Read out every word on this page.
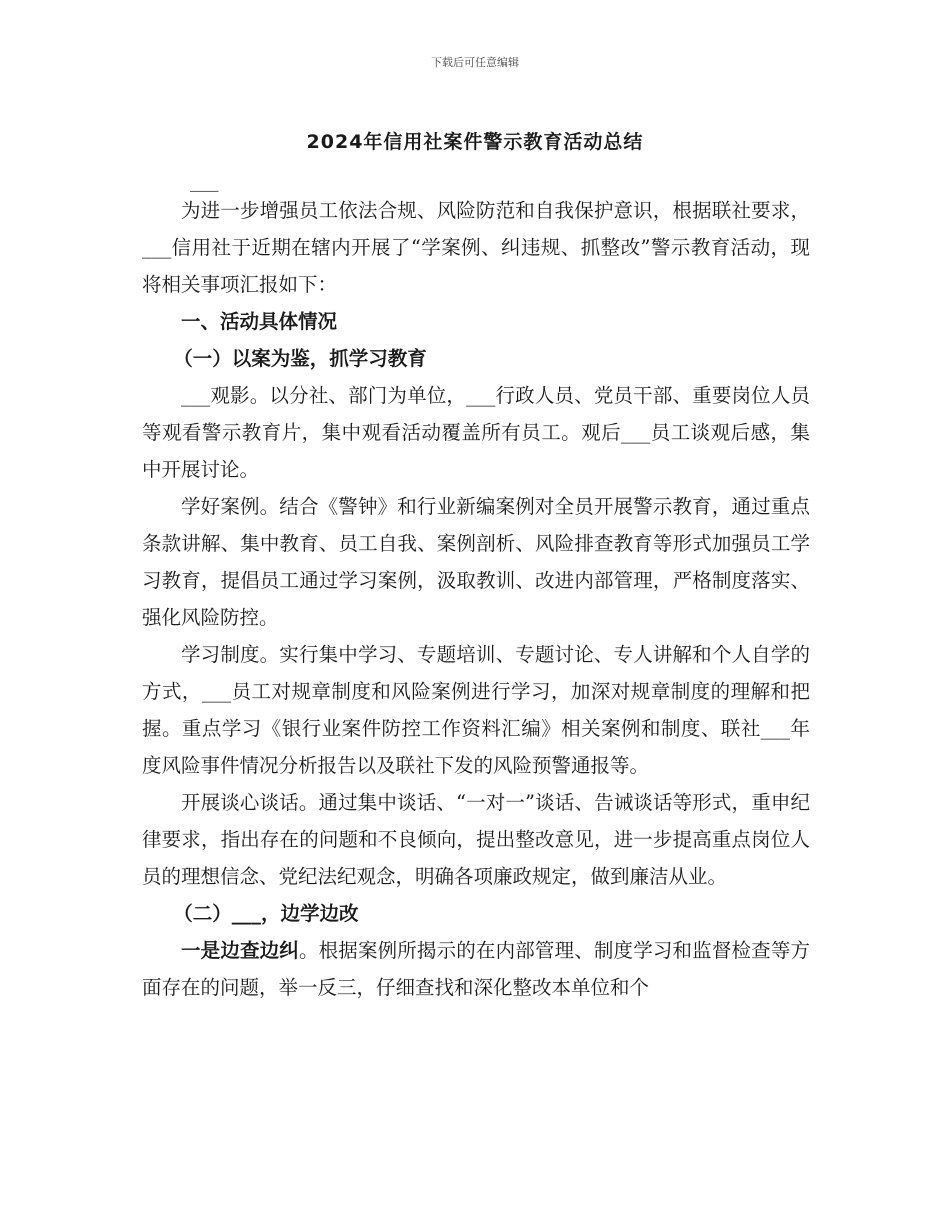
下载后可任意编辑
2024年信用社案件警示教育活动总结
___

为进一步增强员工依法合规、风险防范和自我保护意识，根据联社要求，___信用社于近期在辖内开展了“学案例、纠违规、抓整改”警示教育活动，现将相关事项汇报如下：

一、活动具体情况

（一）以案为鉴，抓学习教育

___观影。以分社、部门为单位，___行政人员、党员干部、重要岗位人员等观看警示教育片，集中观看活动覆盖所有员工。观后___员工谈观后感，集中开展讨论。

学好案例。结合《警钟》和行业新编案例对全员开展警示教育，通过重点条款讲解、集中教育、员工自我、案例剖析、风险排查教育等形式加强员工学习教育，提倡员工通过学习案例，汲取教训、改进内部管理，严格制度落实、强化风险防控。

学习制度。实行集中学习、专题培训、专题讨论、专人讲解和个人自学的方式，___员工对规章制度和风险案例进行学习，加深对规章制度的理解和把握。重点学习《银行业案件防控工作资料汇编》相关案例和制度、联社___年度风险事件情况分析报告以及联社下发的风险预警通报等。

开展谈心谈话。通过集中谈话、“一对一”谈话、告诫谈话等形式，重申纪律要求，指出存在的问题和不良倾向，提出整改意见，进一步提高重点岗位人员的理想信念、党纪法纪观念，明确各项廉政规定，做到廉洁从业。

（二）___，边学边改

一是边查边纠。根据案例所揭示的在内部管理、制度学习和监督检查等方面存在的问题，举一反三，仔细查找和深化整改本单位和个
